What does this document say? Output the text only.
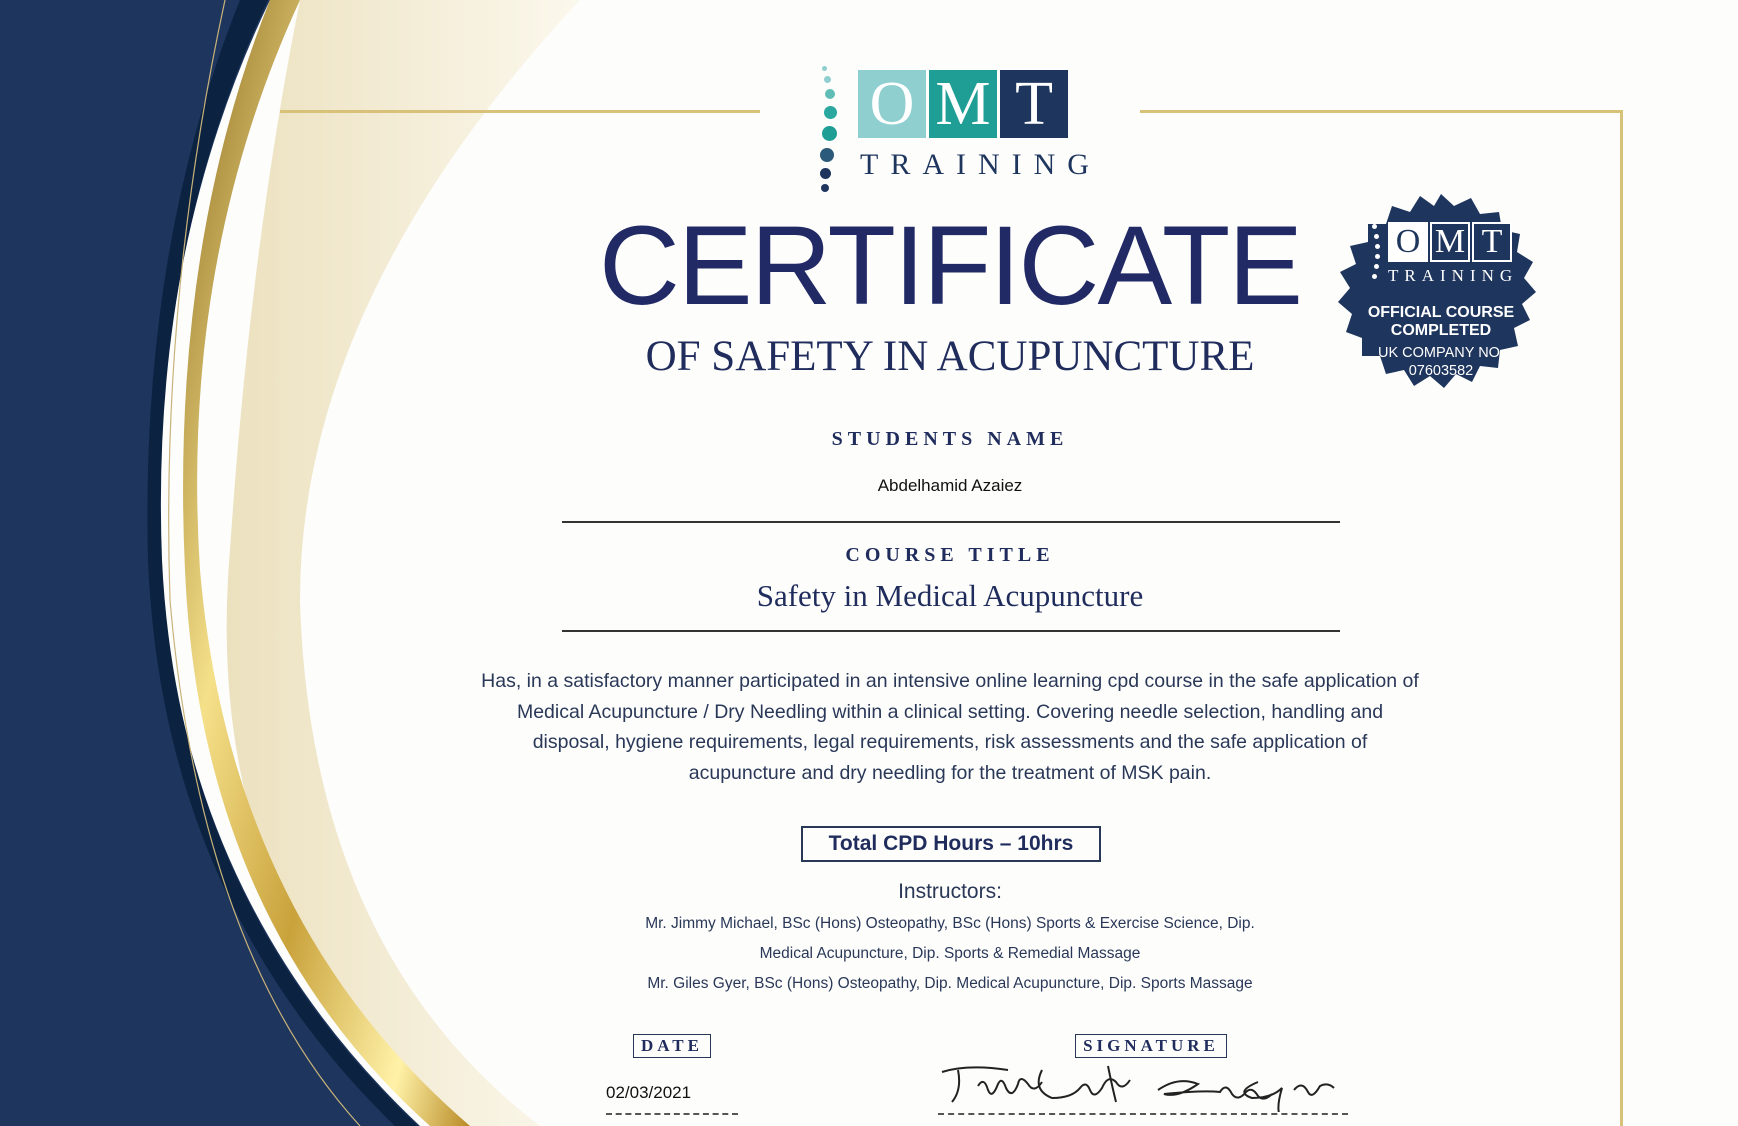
O M T
TRAINING
CERTIFICATE
OF SAFETY IN ACUPUNCTURE
STUDENTS NAME
Abdelhamid Azaiez
COURSE TITLE
Safety in Medical Acupuncture
Has, in a satisfactory manner participated in an intensive online learning cpd course in the safe application of Medical Acupuncture / Dry Needling within a clinical setting. Covering needle selection, handling and disposal, hygiene requirements, legal requirements, risk assessments and the safe application of acupuncture and dry needling for the treatment of MSK pain.
Total CPD Hours – 10hrs
Instructors:
Mr. Jimmy Michael, BSc (Hons) Osteopathy, BSc (Hons) Sports & Exercise Science, Dip.
Medical Acupuncture, Dip. Sports & Remedial Massage
Mr. Giles Gyer, BSc (Hons) Osteopathy, Dip. Medical Acupuncture, Dip. Sports Massage
DATE	SIGNATURE
02/03/2021
O M T
TRAINING
OFFICIAL COURSE
COMPLETED
UK COMPANY NO.
07603582
